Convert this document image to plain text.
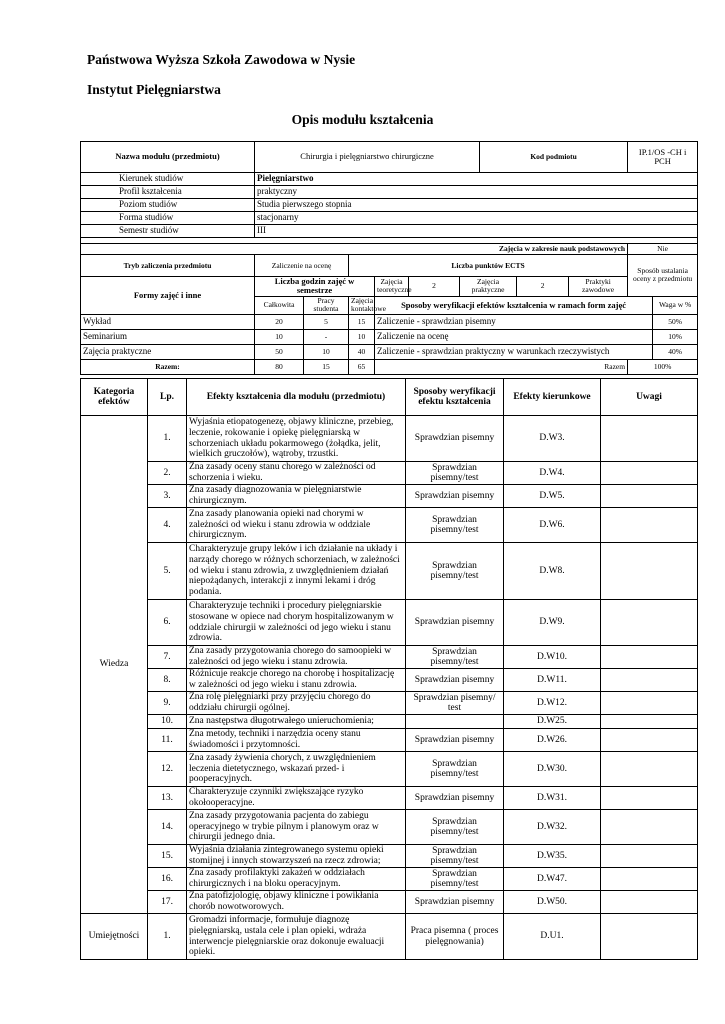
Państwowa Wyższa Szkoła Zawodowa w Nysie
Instytut Pielęgniarstwa
Opis modułu kształcenia
Nazwa modułu (przedmiotu)	Chirurgia i pielęgniarstwo chirurgiczne						Kod podmiotu			IP.1/OS -CH i PCH	
Kierunek studiów	Pielęgniarstwo										
Profil kształcenia	praktyczny										
Poziom studiów	Studia pierwszego stopnia										
Forma studiów	stacjonarny										
Semestr studiów	III										

Zajęcia w zakresie nauk podstawowych										Nie	
Tryb zaliczenia przedmiotu	Zaliczenie na ocenę		Liczba punktów ECTS							Sposób ustalania oceny z przedmiotu	
Formy zajęć i inne	Liczba godzin zajęć w semestrze			Zajęcia teoretyczne	2	Zajęcia praktyczne		2	Praktyki zawodowe		
	Całkowita	Pracy studenta	Zajęcia kontaktowe	Sposoby weryfikacji efektów kształcenia w ramach form zajęć							Waga w %
Wykład	20	5	15	Zaliczenie - sprawdzian pisemny							50%
Seminarium	10	-	10	Zaliczenie na ocenę							10%
Zajęcia praktyczne	50	10	40	Zaliczenie - sprawdzian praktyczny w warunkach rzeczywistych							40%
Razem:	80	15	65	Razem						100%	
Kategoria efektów	Lp.	Efekty kształcenia dla modułu (przedmiotu)	Sposoby weryfikacji efektu kształcenia	Efekty kierunkowe	Uwagi
Wiedza	1.	Wyjaśnia etiopatogenezę, objawy kliniczne, przebieg, leczenie, rokowanie i opiekę pielęgniarską w schorzeniach układu pokarmowego (żołądka, jelit, wielkich gruczołów), wątroby, trzustki.	Sprawdzian pisemny	D.W3.	
	2.	Zna zasady oceny stanu chorego w zależności od schorzenia i wieku.	Sprawdzian pisemny/test	D.W4.	
	3.	Zna zasady diagnozowania w pielęgniarstwie chirurgicznym.	Sprawdzian pisemny	D.W5.	
	4.	Zna zasady planowania opieki nad chorymi w zależności od wieku i stanu zdrowia w oddziale chirurgicznym.	Sprawdzian pisemny/test	D.W6.	
	5.	Charakteryzuje grupy leków i ich działanie na układy i narządy chorego w różnych schorzeniach, w zależności od wieku i stanu zdrowia, z uwzględnieniem działań niepożądanych, interakcji z innymi lekami i dróg podania.	Sprawdzian pisemny/test	D.W8.	
	6.	Charakteryzuje techniki i procedury pielęgniarskie stosowane w opiece nad chorym hospitalizowanym w oddziale chirurgii w zależności od jego wieku i stanu zdrowia.	Sprawdzian pisemny	D.W9.	
	7.	Zna zasady przygotowania chorego do samoopieki w zależności od jego wieku i stanu zdrowia.	Sprawdzian pisemny/test	D.W10.	
	8.	Różnicuje reakcje chorego na chorobę i hospitalizację w zależności od jego wieku i stanu zdrowia.	Sprawdzian pisemny	D.W11.	
	9.	Zna rolę pielęgniarki przy przyjęciu chorego do oddziału chirurgii ogólnej.	Sprawdzian pisemny/ test	D.W12.	
	10.	Zna następstwa długotrwałego unieruchomienia;		D.W25.	
	11.	Zna metody, techniki i narzędzia oceny stanu świadomości i przytomności.	Sprawdzian pisemny	D.W26.	
	12.	Zna zasady żywienia chorych, z uwzględnieniem leczenia dietetycznego, wskazań przed- i pooperacyjnych.	Sprawdzian pisemny/test	D.W30.	
	13.	Charakteryzuje czynniki zwiększające ryzyko okołooperacyjne.	Sprawdzian pisemny	D.W31.	
	14.	Zna zasady przygotowania pacjenta do zabiegu operacyjnego w trybie pilnym i planowym oraz w chirurgii jednego dnia.	Sprawdzian pisemny/test	D.W32.	
	15.	Wyjaśnia działania zintegrowanego systemu opieki stomijnej i innych stowarzyszeń na rzecz zdrowia;	Sprawdzian pisemny/test	D.W35.	
	16.	Zna zasady profilaktyki zakażeń w oddziałach chirurgicznych i na bloku operacyjnym.	Sprawdzian pisemny/test	D.W47.	
	17.	Zna patofizjologię, objawy kliniczne i powikłania chorób nowotworowych.	Sprawdzian pisemny	D.W50.	
Umiejętności	1.	Gromadzi informacje, formułuje diagnozę pielęgniarską, ustala cele i plan opieki, wdraża interwencje pielęgniarskie oraz dokonuje ewaluacji opieki.	Praca pisemna ( proces pielęgnowania)	D.U1.	
